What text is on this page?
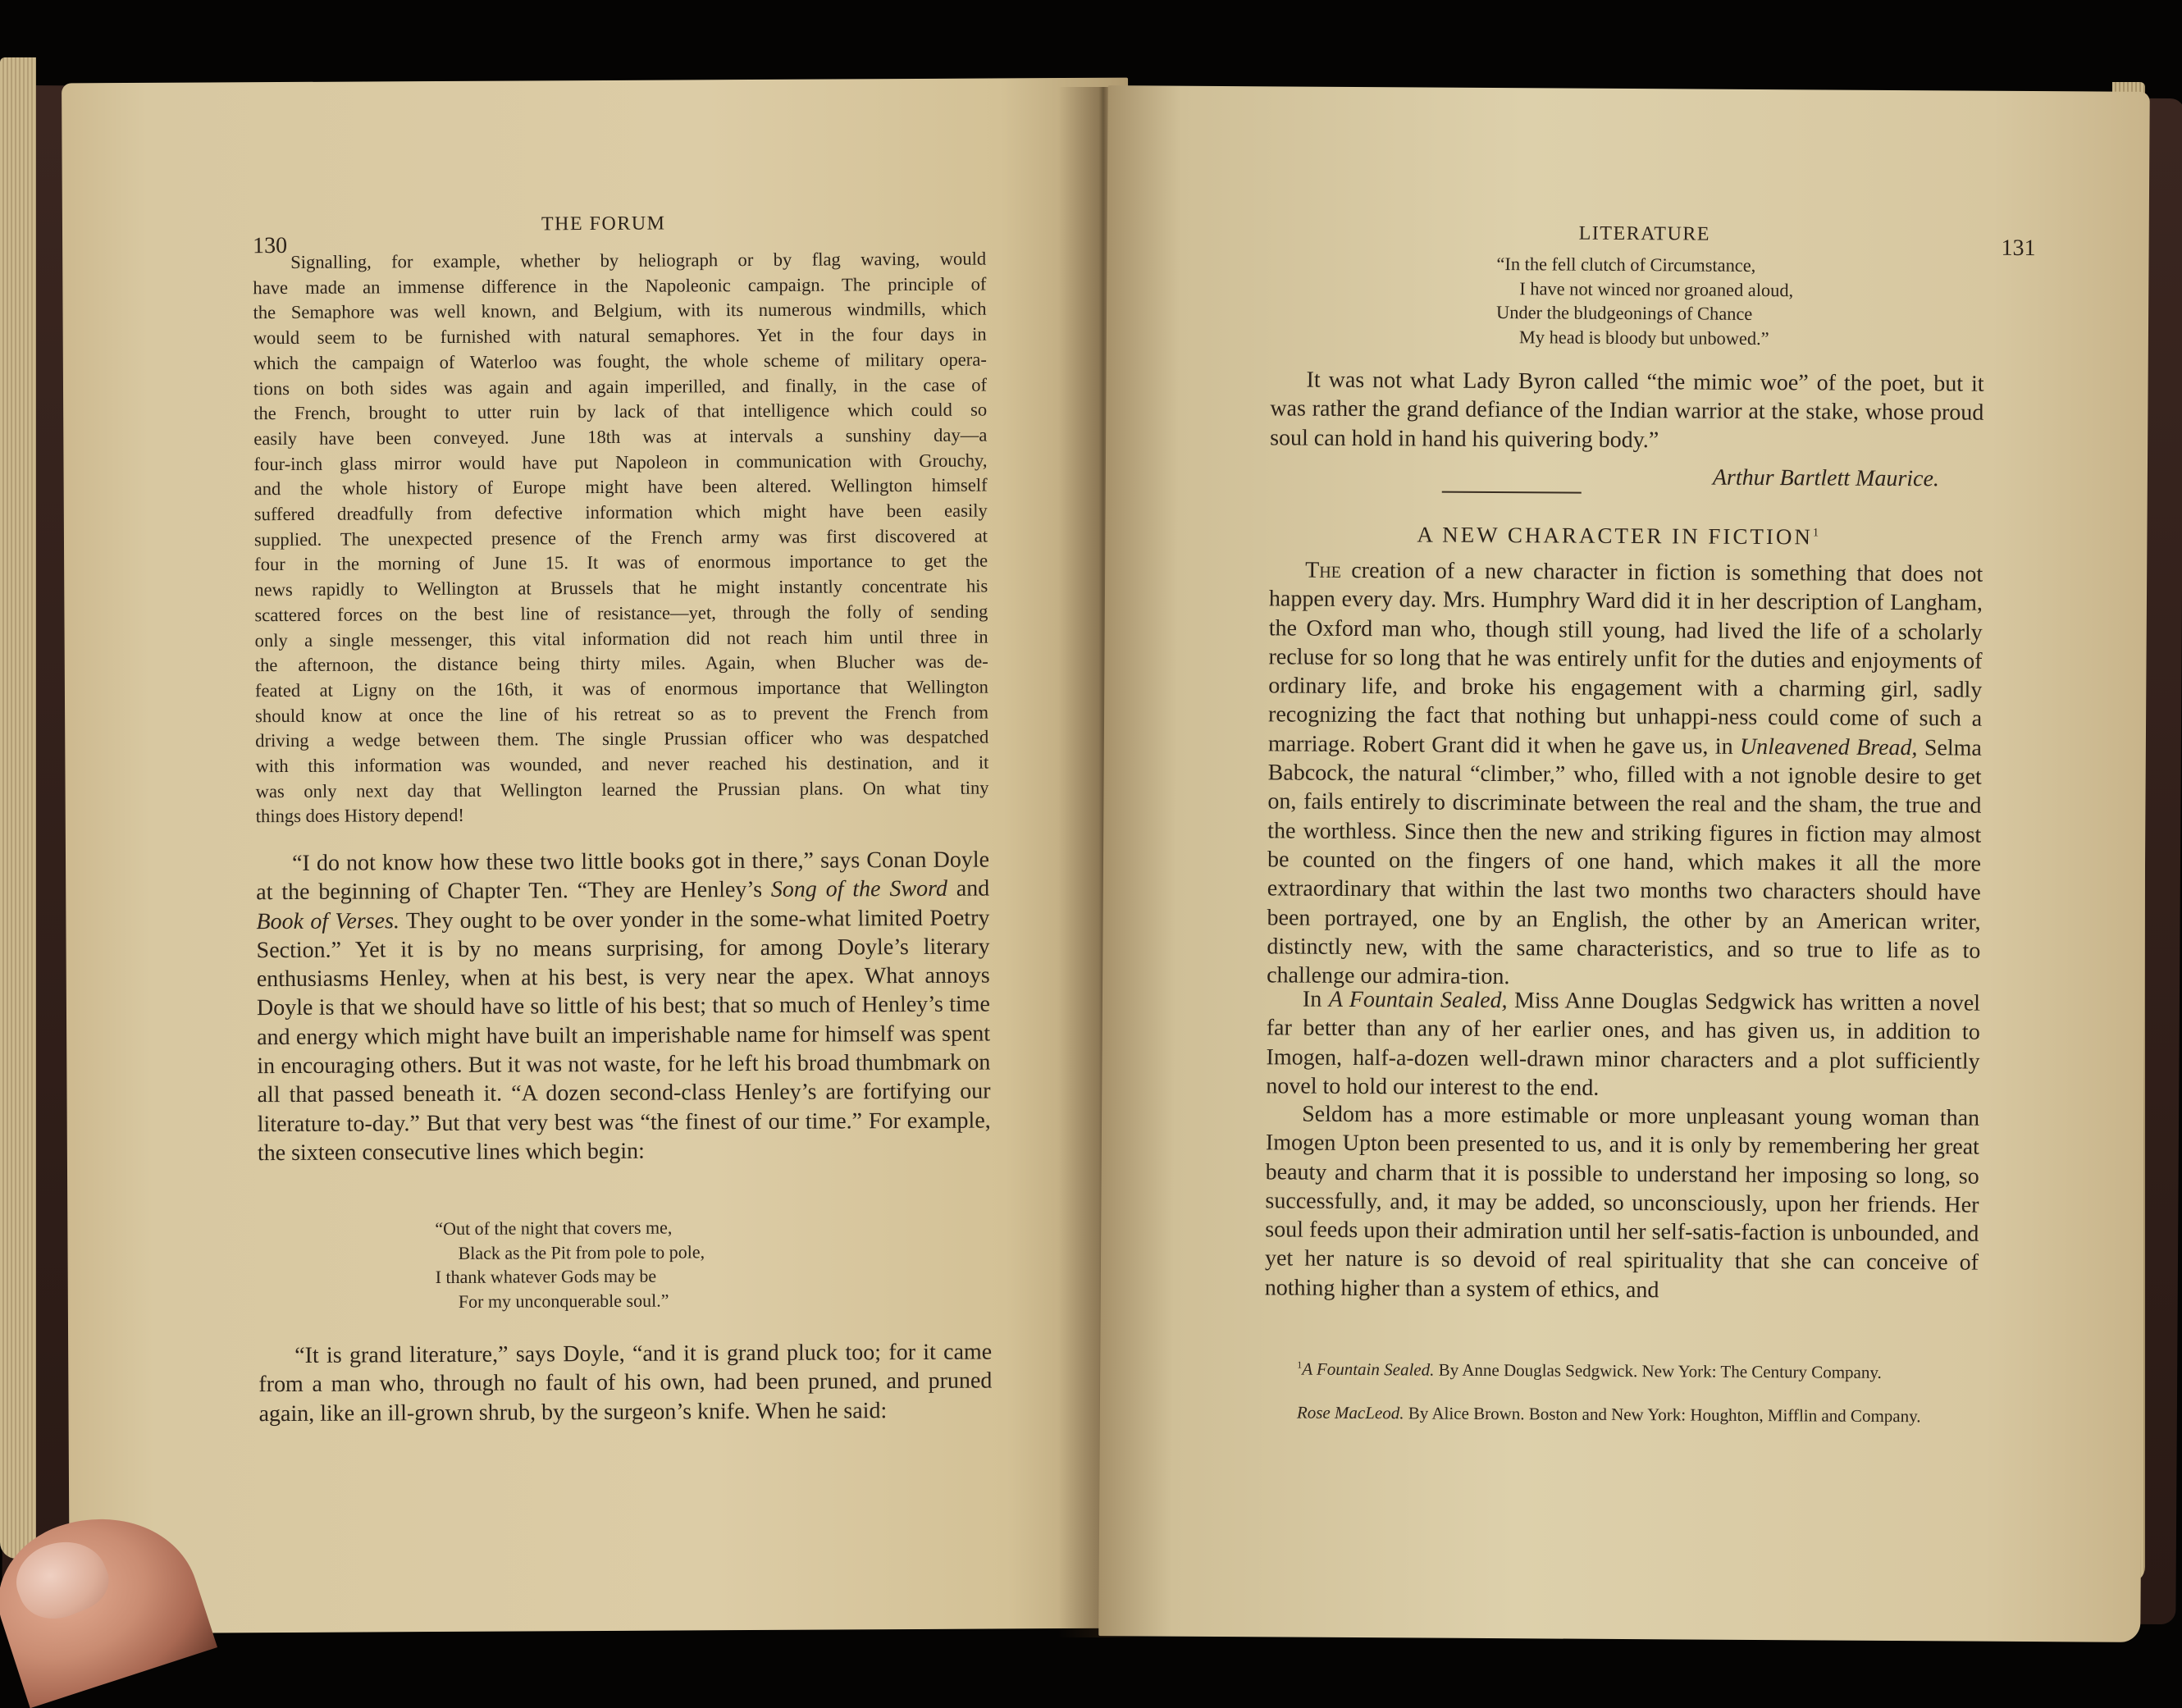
130
THE FORUM
Signalling, for example, whether by heliograph or by flag waving, would
have made an immense difference in the Napoleonic campaign. The principle of
the Semaphore was well known, and Belgium, with its numerous windmills, which
would seem to be furnished with natural semaphores. Yet in the four days in
which the campaign of Waterloo was fought, the whole scheme of military opera-
tions on both sides was again and again imperilled, and finally, in the case of
the French, brought to utter ruin by lack of that intelligence which could so
easily have been conveyed. June 18th was at intervals a sunshiny day—a
four-inch glass mirror would have put Napoleon in communication with Grouchy,
and the whole history of Europe might have been altered. Wellington himself
suffered dreadfully from defective information which might have been easily
supplied. The unexpected presence of the French army was first discovered at
four in the morning of June 15. It was of enormous importance to get the
news rapidly to Wellington at Brussels that he might instantly concentrate his
scattered forces on the best line of resistance—yet, through the folly of sending
only a single messenger, this vital information did not reach him until three in
the afternoon, the distance being thirty miles. Again, when Blucher was de-
feated at Ligny on the 16th, it was of enormous importance that Wellington
should know at once the line of his retreat so as to prevent the French from
driving a wedge between them. The single Prussian officer who was despatched
with this information was wounded, and never reached his destination, and it
was only next day that Wellington learned the Prussian plans. On what tiny
things does History depend!

“I do not know how these two little books got in there,” says Conan Doyle at the beginning of Chapter Ten. “They are Henley’s Song of the Sword and Book of Verses. They ought to be over yonder in the some-what limited Poetry Section.” Yet it is by no means surprising, for among Doyle’s literary enthusiasms Henley, when at his best, is very near the apex. What annoys Doyle is that we should have so little of his best; that so much of Henley’s time and energy which might have built an imperishable name for himself was spent in encouraging others. But it was not waste, for he left his broad thumbmark on all that passed beneath it. “A dozen second-class Henley’s are fortifying our literature to-day.” But that very best was “the finest of our time.” For example, the sixteen consecutive lines which begin:

“Out of the night that covers me,
Black as the Pit from pole to pole,
I thank whatever Gods may be
For my unconquerable soul.”

“It is grand literature,” says Doyle, “and it is grand pluck too; for it came from a man who, through no fault of his own, had been pruned, and pruned again, like an ill-grown shrub, by the surgeon’s knife. When he said:

LITERATURE
131
“In the fell clutch of Circumstance,
I have not winced nor groaned aloud,
Under the bludgeonings of Chance
My head is bloody but unbowed.”

It was not what Lady Byron called “the mimic woe” of the poet, but it was rather the grand defiance of the Indian warrior at the stake, whose proud soul can hold in hand his quivering body.”

Arthur Bartlett Maurice.
A NEW CHARACTER IN FICTION$^1$

The creation of a new character in fiction is something that does not happen every day. Mrs. Humphry Ward did it in her description of Langham, the Oxford man who, though still young, had lived the life of a scholarly recluse for so long that he was entirely unfit for the duties and enjoyments of ordinary life, and broke his engagement with a charming girl, sadly recognizing the fact that nothing but unhappi-ness could come of such a marriage. Robert Grant did it when he gave us, in Unleavened Bread, Selma Babcock, the natural “climber,” who, filled with a not ignoble desire to get on, fails entirely to discriminate between the real and the sham, the true and the worthless. Since then the new and striking figures in fiction may almost be counted on the fingers of one hand, which makes it all the more extraordinary that within the last two months two characters should have been portrayed, one by an English, the other by an American writer, distinctly new, with the same characteristics, and so true to life as to challenge our admira-tion.

In A Fountain Sealed, Miss Anne Douglas Sedgwick has written a novel far better than any of her earlier ones, and has given us, in addition to Imogen, half-a-dozen well-drawn minor characters and a plot sufficiently novel to hold our interest to the end.

Seldom has a more estimable or more unpleasant young woman than Imogen Upton been presented to us, and it is only by remembering her great beauty and charm that it is possible to understand her imposing so long, so successfully, and, it may be added, so unconsciously, upon her friends. Her soul feeds upon their admiration until her self-satis-faction is unbounded, and yet her nature is so devoid of real spirituality that she can conceive of nothing higher than a system of ethics, and

$^1$A Fountain Sealed. By Anne Douglas Sedgwick. New York: The Century Company.

Rose MacLeod. By Alice Brown. Boston and New York: Houghton, Mifflin and Company.
